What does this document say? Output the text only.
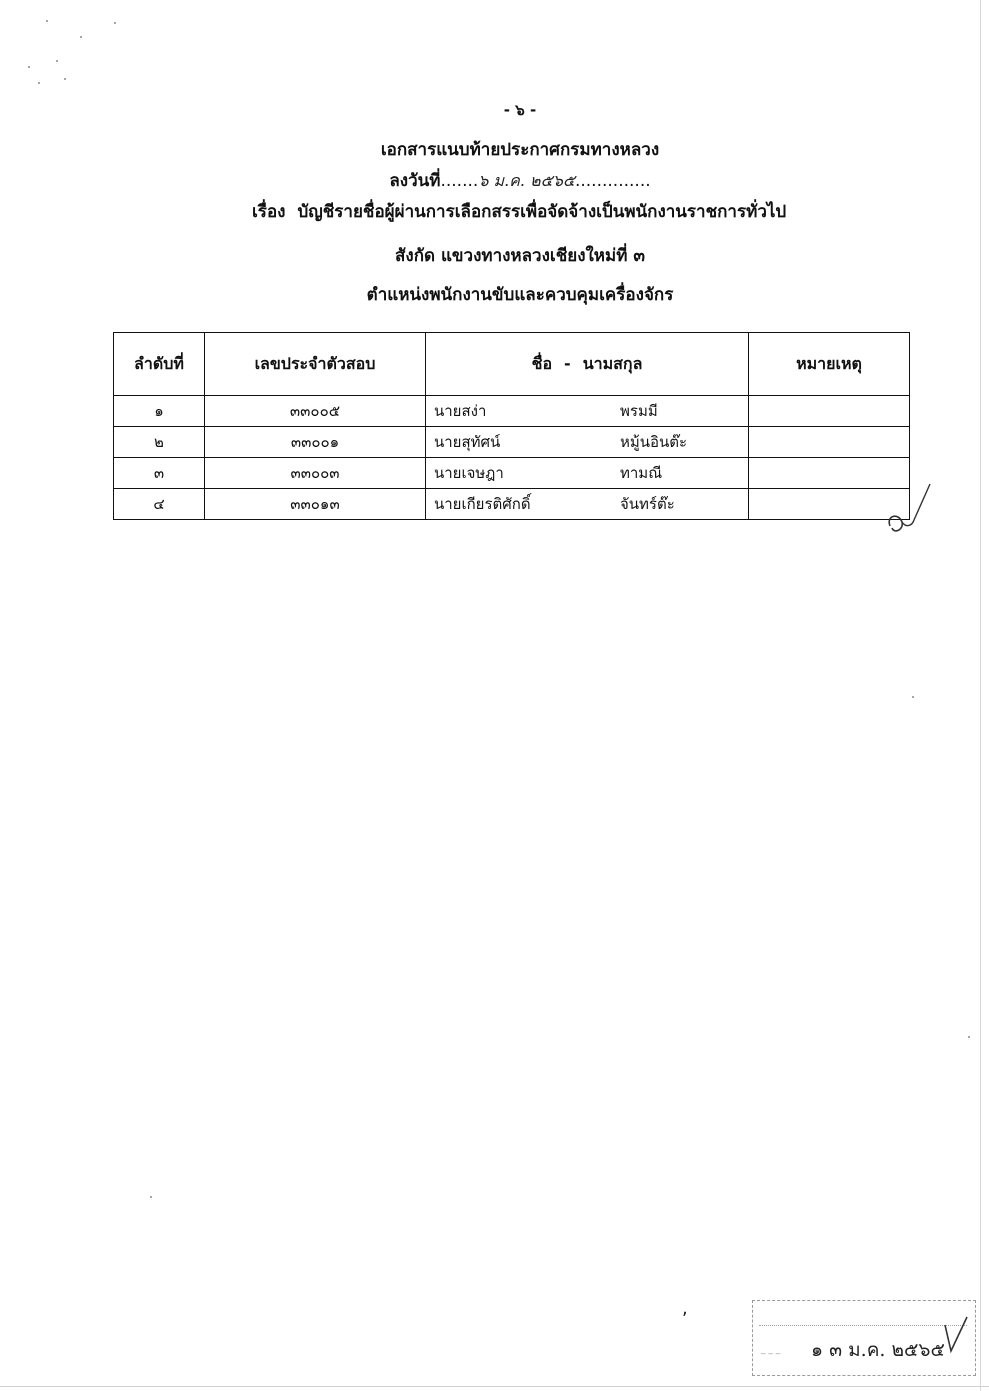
- ๖ -
เอกสารแนบท้ายประกาศกรมทางหลวง
ลงวันที่.......๖ ม.ค. ๒๕๖๕..............
เรื่อง บัญชีรายชื่อผู้ผ่านการเลือกสรรเพื่อจัดจ้างเป็นพนักงานราชการทั่วไป
สังกัด แขวงทางหลวงเชียงใหม่ที่ ๓
ตำแหน่งพนักงานขับและควบคุมเครื่องจักร
ลำดับที่	เลขประจำตัวสอบ	ชื่อ - นามสกุล	หมายเหตุ
๑	๓๓๐๐๕	นายสง่า พรมมี	

๒	๓๓๐๐๑	นายสุทัศน์ หมู้นอินต๊ะ	

๓	๓๓๐๐๓	นายเจษฎา ทามณี	

๔	๓๓๐๑๓	นายเกียรติศักดิ์ จันทร์ต๊ะ	

,
_ _ _ ๑ ๓ ม.ค. ๒๕๖๕
